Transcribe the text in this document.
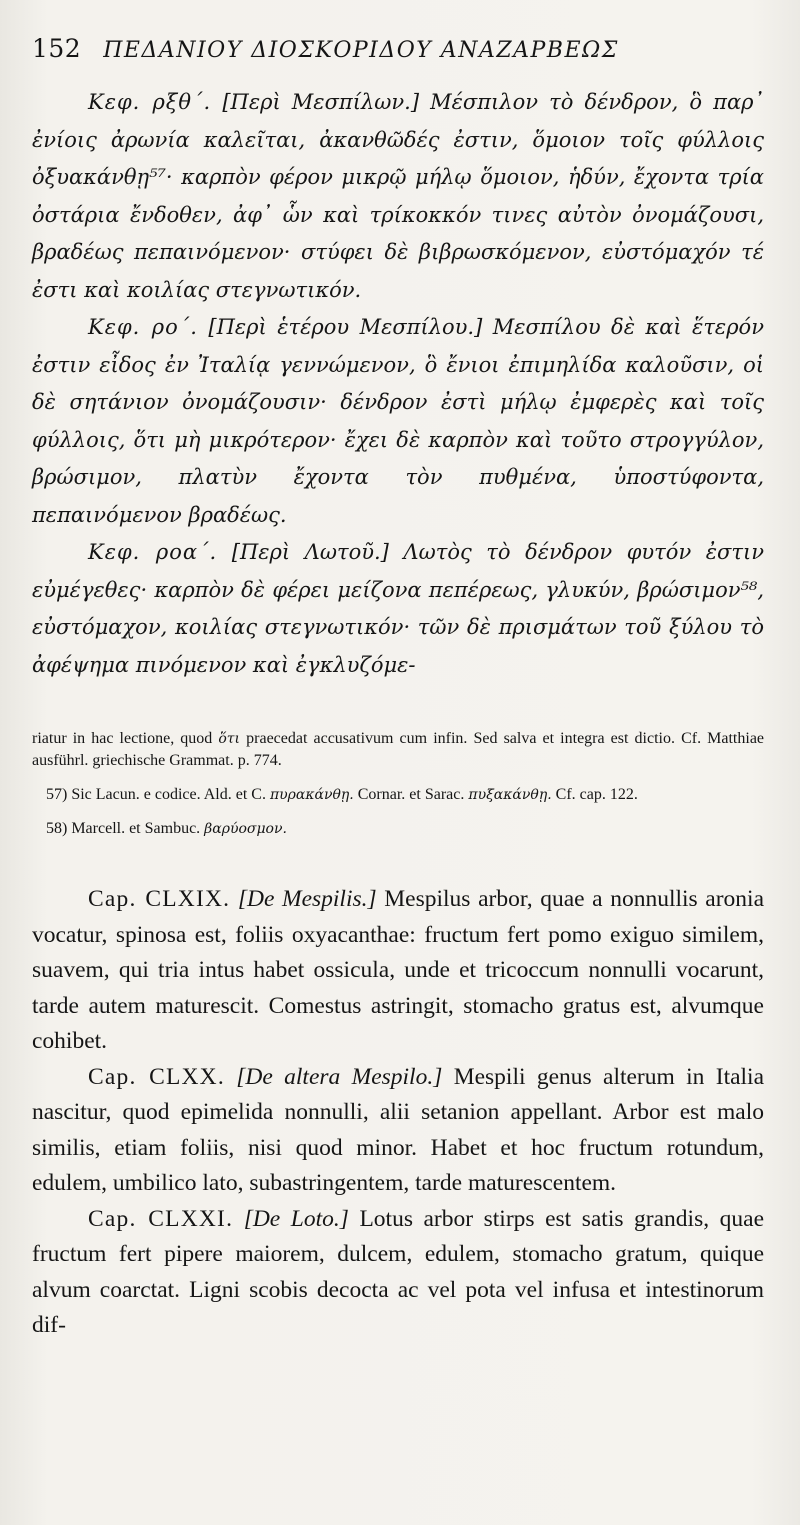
152 ΠΕΔΑΝΙΟΥ ΔΙΟΣΚΟΡΙΔΟΥ ΑΝΑΖΑΡΒΕΩΣ

Κεφ. ρξθ΄. [Περὶ Μεσπίλων.] Μέσπιλον τὸ δένδρον, ὃ παρ᾽ ἐνίοις ἀρωνία καλεῖται, ἀκανθῶδές ἐστιν, ὅμοιον τοῖς φύλλοις ὀξυακάνθῃ⁵⁷· καρπὸν φέρον μικρῷ μήλῳ ὅμοιον, ἡδύν, ἔχοντα τρία ὀστάρια ἔνδοθεν, ἀφ᾽ ὧν καὶ τρίκοκκόν τινες αὐτὸν ὀνομάζουσι, βραδέως πεπαινόμενον· στύφει δὲ βιβρωσκόμενον, εὐστόμαχόν τέ ἐστι καὶ κοιλίας στεγνωτικόν.

Κεφ. ρο΄. [Περὶ ἑτέρου Μεσπίλου.] Μεσπίλου δὲ καὶ ἕτερόν ἐστιν εἶδος ἐν Ἰταλίᾳ γεννώμενον, ὃ ἔνιοι ἐπιμηλίδα καλοῦσιν, οἱ δὲ σητάνιον ὀνομάζουσιν· δένδρον ἐστὶ μήλῳ ἐμφερὲς καὶ τοῖς φύλλοις, ὅτι μὴ μικρότερον· ἔχει δὲ καρπὸν καὶ τοῦτο στρογγύλον, βρώσιμον, πλατὺν ἔχοντα τὸν πυθμένα, ὑποστύφοντα, πεπαινόμενον βραδέως.

Κεφ. ροα΄. [Περὶ Λωτοῦ.] Λωτὸς τὸ δένδρον φυτόν ἐστιν εὐμέγεθες· καρπὸν δὲ φέρει μείζονα πεπέρεως, γλυκύν, βρώσιμον⁵⁸, εὐστόμαχον, κοιλίας στεγνωτικόν· τῶν δὲ πρισμάτων τοῦ ξύλου τὸ ἀφέψημα πινόμενον καὶ ἐγκλυζόμε-

riatur in hac lectione, quod ὅτι praecedat accusativum cum infin. Sed salva et integra est dictio. Cf. Matthiae ausführl. griechische Grammat. p. 774.

57) Sic Lacun. e codice. Ald. et C. πυρακάνθῃ. Cornar. et Sarac. πυξακάνθῃ. Cf. cap. 122.

58) Marcell. et Sambuc. βαρύοσμον.

Cap. CLXIX. [De Mespilis.] Mespilus arbor, quae a nonnullis aronia vocatur, spinosa est, foliis oxyacanthae: fructum fert pomo exiguo similem, suavem, qui tria intus habet ossicula, unde et tricoccum nonnulli vocarunt, tarde autem maturescit. Comestus astringit, stomacho gratus est, alvumque cohibet.

Cap. CLXX. [De altera Mespilo.] Mespili genus alterum in Italia nascitur, quod epimelida nonnulli, alii setanion appellant. Arbor est malo similis, etiam foliis, nisi quod minor. Habet et hoc fructum rotundum, edulem, umbilico lato, subastringentem, tarde maturescentem.

Cap. CLXXI. [De Loto.] Lotus arbor stirps est satis grandis, quae fructum fert pipere maiorem, dulcem, edulem, stomacho gratum, quique alvum coarctat. Ligni scobis decocta ac vel pota vel infusa et intestinorum dif-
